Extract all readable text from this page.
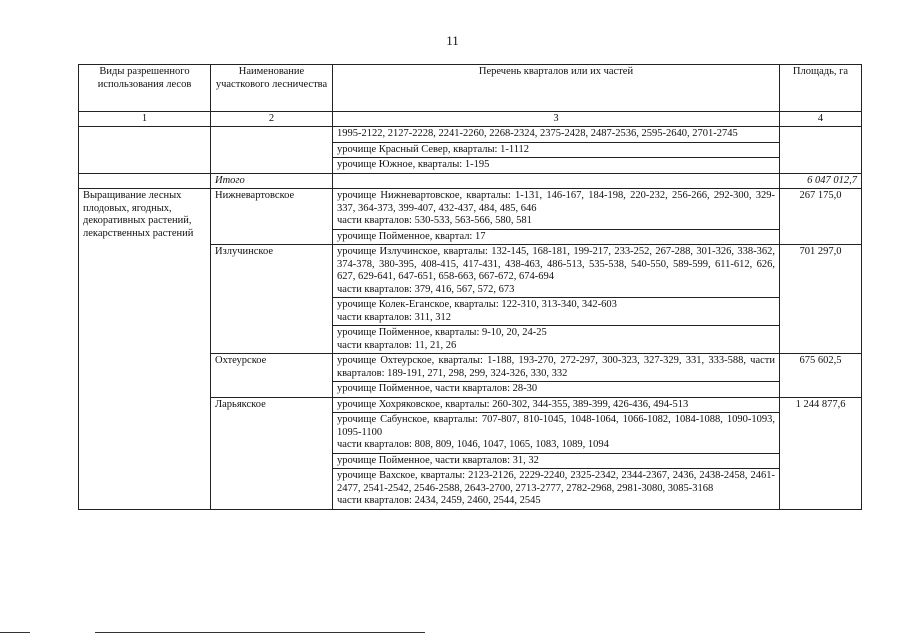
11
Виды разрешенного использования лесов	Наименование участкового лесничества	Перечень кварталов или их частей	Площадь, га
1	2	3	4
		1995-2122, 2127-2228, 2241-2260, 2268-2324, 2375-2428, 2487-2536, 2595-2640, 2701-2745	
		урочище Красный Север, кварталы: 1-1112	
		урочище Южное, кварталы: 1-195	
	Итого		6 047 012,7
Выращивание лесных плодовых, ягодных, декоративных растений, лекарственных растений	Нижневартовское	урочище Нижневартовское, кварталы: 1-131, 146-167, 184-198, 220-232, 256-266, 292-300, 329-337, 364-373, 399-407, 432-437, 484, 485, 646
части кварталов: 530-533, 563-566, 580, 581	267 175,0
		урочище Пойменное, квартал: 17	
	Излучинское	урочище Излучинское, кварталы: 132-145, 168-181, 199-217, 233-252, 267-288, 301-326, 338-362, 374-378, 380-395, 408-415, 417-431, 438-463, 486-513, 535-538, 540-550, 589-599, 611-612, 626, 627, 629-641, 647-651, 658-663, 667-672, 674-694
части кварталов: 379, 416, 567, 572, 673	701 297,0

		урочище Колек-Еганское, кварталы: 122-310, 313-340, 342-603
части кварталов: 311, 312	

		урочище Пойменное, кварталы: 9-10, 20, 24-25
части кварталов: 11, 21, 26	

	Охтеурское	урочище Охтеурское, кварталы: 1-188, 193-270, 272-297, 300-323, 327-329, 331, 333-588, части кварталов: 189-191, 271, 298, 299, 324-326, 330, 332	675 602,5
		урочище Пойменное, части кварталов: 28-30	
	Ларьякское	урочище Хохряковское, кварталы: 260-302, 344-355, 389-399, 426-436, 494-513	1 244 877,6

		урочище Сабунское, кварталы: 707-807, 810-1045, 1048-1064, 1066-1082, 1084-1088, 1090-1093, 1095-1100
части кварталов: 808, 809, 1046, 1047, 1065, 1083, 1089, 1094	

		урочище Пойменное, части кварталов: 31, 32	

		урочище Вахское, кварталы: 2123-2126, 2229-2240, 2325-2342, 2344-2367, 2436, 2438-2458, 2461-2477, 2541-2542, 2546-2588, 2643-2700, 2713-2777, 2782-2968, 2981-3080, 3085-3168
части кварталов: 2434, 2459, 2460, 2544, 2545	
